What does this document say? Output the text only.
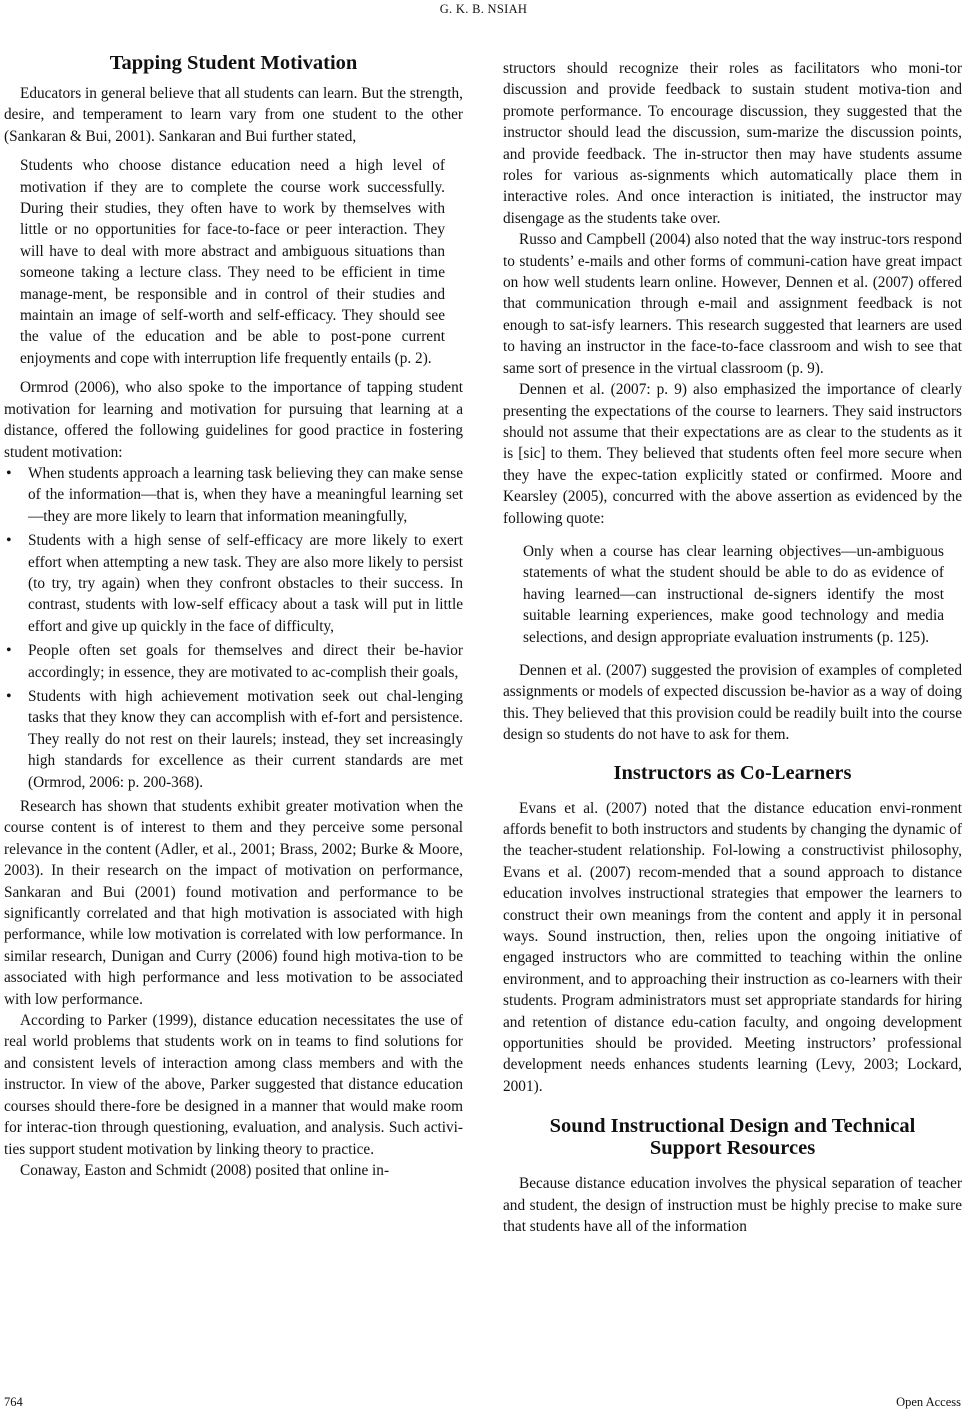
G. K. B. NSIAH
Tapping Student Motivation

Educators in general believe that all students can learn. But the strength, desire, and temperament to learn vary from one student to the other (Sankaran & Bui, 2001). Sankaran and Bui further stated,

Students who choose distance education need a high level of motivation if they are to complete the course work successfully. During their studies, they often have to work by themselves with little or no opportunities for face-to-face or peer interaction. They will have to deal with more abstract and ambiguous situations than someone taking a lecture class. They need to be efficient in time manage-ment, be responsible and in control of their studies and maintain an image of self-worth and self-efficacy. They should see the value of the education and be able to post-pone current enjoyments and cope with interruption life frequently entails (p. 2).

Ormrod (2006), who also spoke to the importance of tapping student motivation for learning and motivation for pursuing that learning at a distance, offered the following guidelines for good practice in fostering student motivation:

• When students approach a learning task believing they can make sense of the information—that is, when they have a meaningful learning set—they are more likely to learn that information meaningfully,
• Students with a high sense of self-efficacy are more likely to exert effort when attempting a new task. They are also more likely to persist (to try, try again) when they confront obstacles to their success. In contrast, students with low-self efficacy about a task will put in little effort and give up quickly in the face of difficulty,
• People often set goals for themselves and direct their be-havior accordingly; in essence, they are motivated to ac-complish their goals,
• Students with high achievement motivation seek out chal-lenging tasks that they know they can accomplish with ef-fort and persistence. They really do not rest on their laurels; instead, they set increasingly high standards for excellence as their current standards are met (Ormrod, 2006: p. 200-368).

Research has shown that students exhibit greater motivation when the course content is of interest to them and they perceive some personal relevance in the content (Adler, et al., 2001; Brass, 2002; Burke & Moore, 2003). In their research on the impact of motivation on performance, Sankaran and Bui (2001) found motivation and performance to be significantly correlated and that high motivation is associated with high performance, while low motivation is correlated with low performance. In similar research, Dunigan and Curry (2006) found high motiva-tion to be associated with high performance and less motivation to be associated with low performance.

According to Parker (1999), distance education necessitates the use of real world problems that students work on in teams to find solutions for and consistent levels of interaction among class members and with the instructor. In view of the above, Parker suggested that distance education courses should there-fore be designed in a manner that would make room for interac-tion through questioning, evaluation, and analysis. Such activi-ties support student motivation by linking theory to practice.

Conaway, Easton and Schmidt (2008) posited that online in-

structors should recognize their roles as facilitators who moni-tor discussion and provide feedback to sustain student motiva-tion and promote performance. To encourage discussion, they suggested that the instructor should lead the discussion, sum-marize the discussion points, and provide feedback. The in-structor then may have students assume roles for various as-signments which automatically place them in interactive roles. And once interaction is initiated, the instructor may disengage as the students take over.

Russo and Campbell (2004) also noted that the way instruc-tors respond to students’ e-mails and other forms of communi-cation have great impact on how well students learn online. However, Dennen et al. (2007) offered that communication through e-mail and assignment feedback is not enough to sat-isfy learners. This research suggested that learners are used to having an instructor in the face-to-face classroom and wish to see that same sort of presence in the virtual classroom (p. 9).

Dennen et al. (2007: p. 9) also emphasized the importance of clearly presenting the expectations of the course to learners. They said instructors should not assume that their expectations are as clear to the students as it is [sic] to them. They believed that students often feel more secure when they have the expec-tation explicitly stated or confirmed. Moore and Kearsley (2005), concurred with the above assertion as evidenced by the following quote:

Only when a course has clear learning objectives—un-ambiguous statements of what the student should be able to do as evidence of having learned—can instructional de-signers identify the most suitable learning experiences, make good technology and media selections, and design appropriate evaluation instruments (p. 125).

Dennen et al. (2007) suggested the provision of examples of completed assignments or models of expected discussion be-havior as a way of doing this. They believed that this provision could be readily built into the course design so students do not have to ask for them.

Instructors as Co-Learners

Evans et al. (2007) noted that the distance education envi-ronment affords benefit to both instructors and students by changing the dynamic of the teacher-student relationship. Fol-lowing a constructivist philosophy, Evans et al. (2007) recom-mended that a sound approach to distance education involves instructional strategies that empower the learners to construct their own meanings from the content and apply it in personal ways. Sound instruction, then, relies upon the ongoing initiative of engaged instructors who are committed to teaching within the online environment, and to approaching their instruction as co-learners with their students. Program administrators must set appropriate standards for hiring and retention of distance edu-cation faculty, and ongoing development opportunities should be provided. Meeting instructors’ professional development needs enhances students learning (Levy, 2003; Lockard, 2001).

Sound Instructional Design and Technical
Support Resources

Because distance education involves the physical separation of teacher and student, the design of instruction must be highly precise to make sure that students have all of the information

764	Open Access
